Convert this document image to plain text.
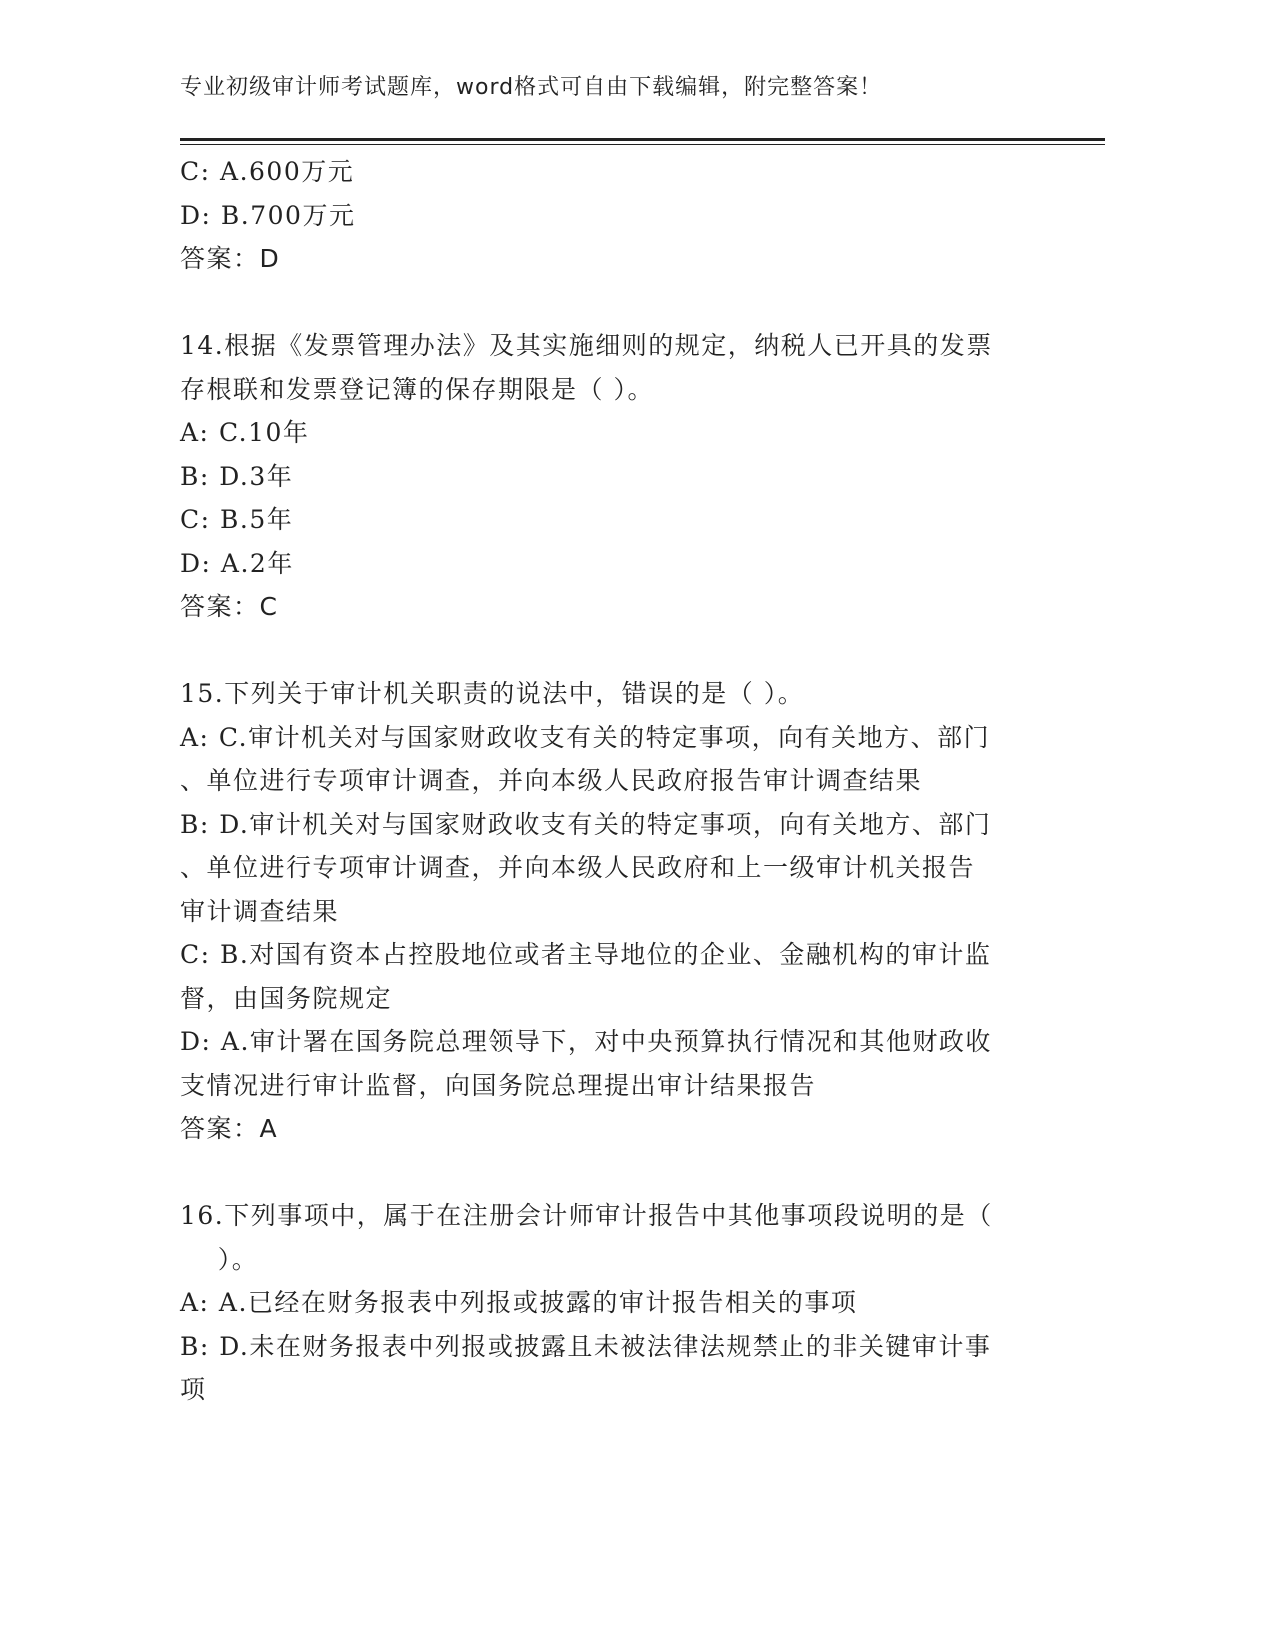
专业初级审计师考试题库，word格式可自由下载编辑，附完整答案！
C: A.600万元
D: B.700万元
答案：D
14.根据《发票管理办法》及其实施细则的规定，纳税人已开具的发票
存根联和发票登记簿的保存期限是（ ）。
A: C.10年
B: D.3年
C: B.5年
D: A.2年
答案：C
15.下列关于审计机关职责的说法中，错误的是（ ）。
A: C.审计机关对与国家财政收支有关的特定事项，向有关地方、部门
、单位进行专项审计调查，并向本级人民政府报告审计调查结果
B: D.审计机关对与国家财政收支有关的特定事项，向有关地方、部门
、单位进行专项审计调查，并向本级人民政府和上一级审计机关报告
审计调查结果
C: B.对国有资本占控股地位或者主导地位的企业、金融机构的审计监
督，由国务院规定
D: A.审计署在国务院总理领导下，对中央预算执行情况和其他财政收
支情况进行审计监督，向国务院总理提出审计结果报告
答案：A
16.下列事项中，属于在注册会计师审计报告中其他事项段说明的是（
）。
A: A.已经在财务报表中列报或披露的审计报告相关的事项
B: D.未在财务报表中列报或披露且未被法律法规禁止的非关键审计事
项
